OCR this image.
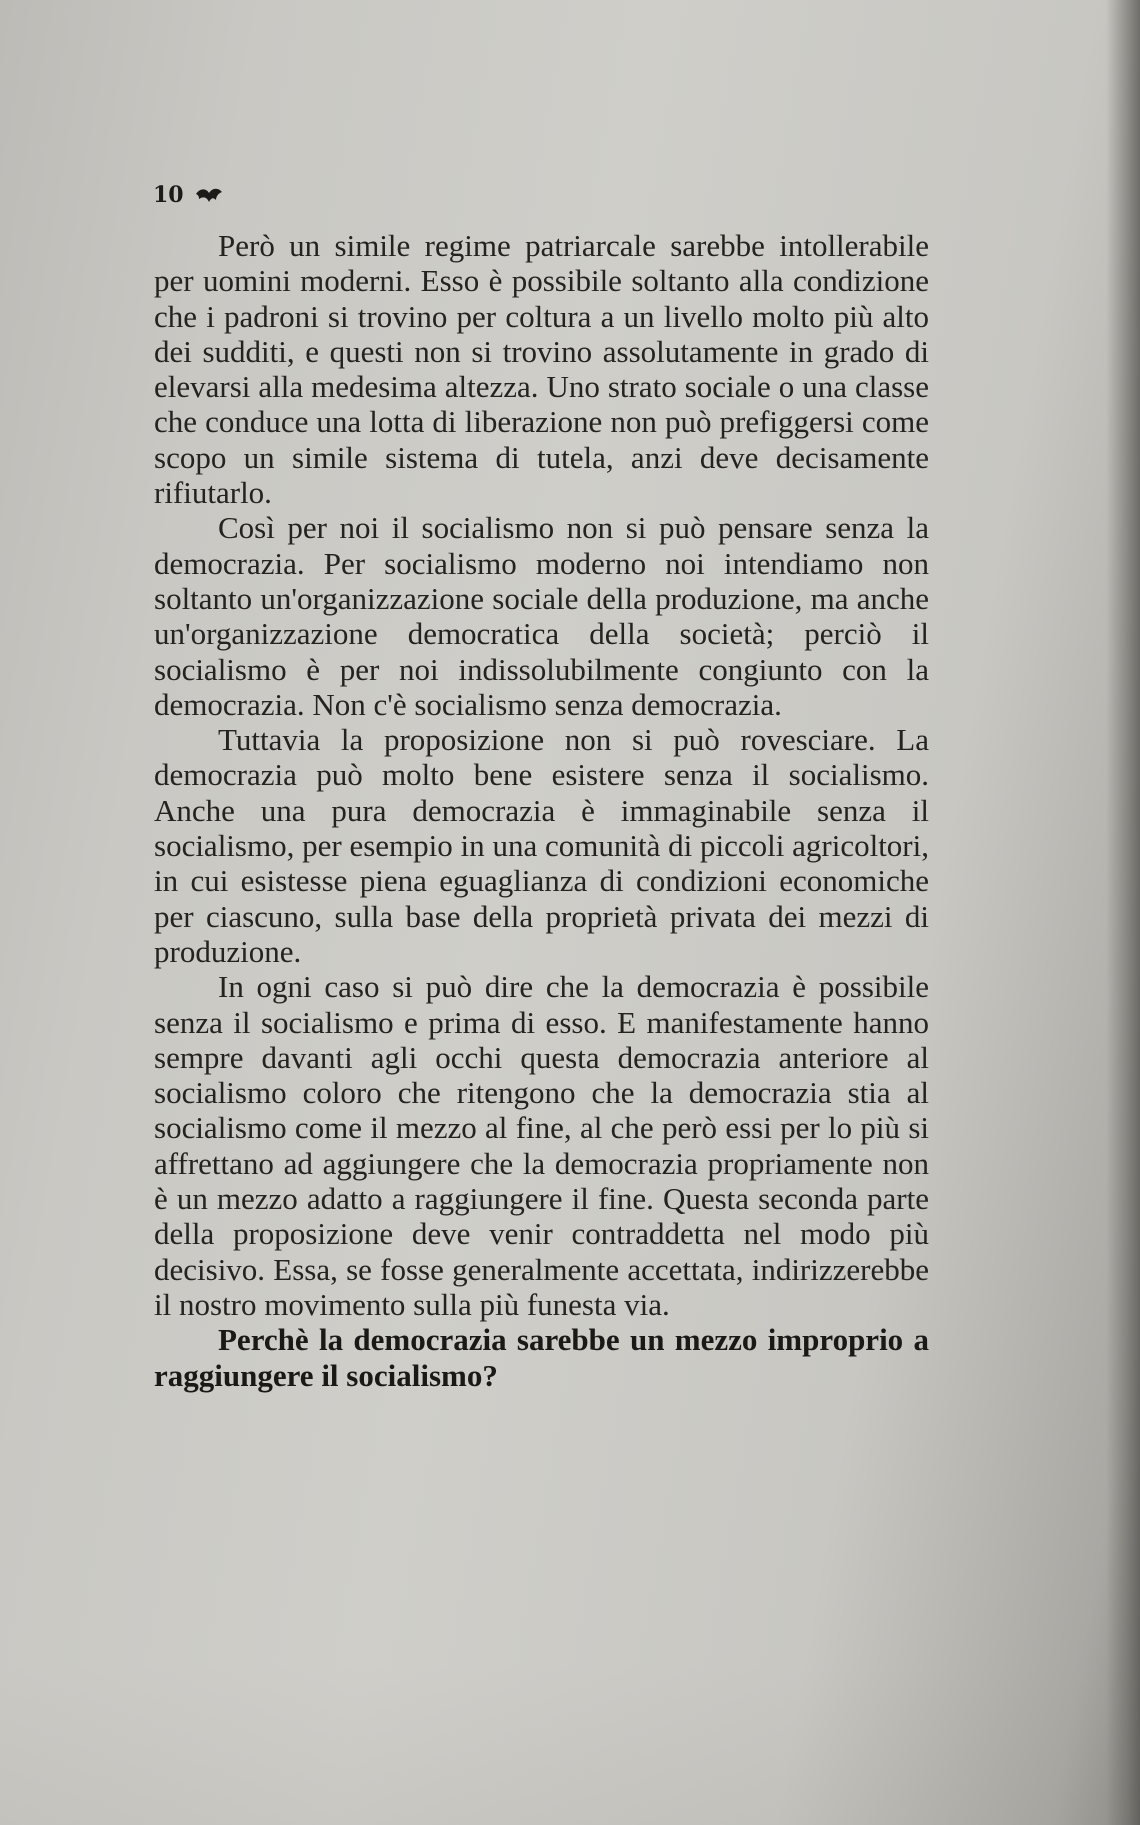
10

Però un simile regime patriarcale sarebbe intollerabile per uomini moderni. Esso è possibile soltanto alla condizione che i padroni si trovino per coltura a un livello molto più alto dei sudditi, e questi non si trovino assolutamente in grado di elevarsi alla medesima altezza. Uno strato sociale o una classe che conduce una lotta di liberazione non può prefiggersi come scopo un simile sistema di tutela, anzi deve decisamente rifiutarlo.

Così per noi il socialismo non si può pensare senza la democrazia. Per socialismo moderno noi intendiamo non soltanto un'organizzazione sociale della produzione, ma anche un'organizzazione democratica della società; perciò il socialismo è per noi indissolubilmente congiunto con la democrazia. Non c'è socialismo senza democrazia.

Tuttavia la proposizione non si può rovesciare. La democrazia può molto bene esistere senza il socialismo. Anche una pura democrazia è immaginabile senza il socialismo, per esempio in una comunità di piccoli agricoltori, in cui esistesse piena eguaglianza di condizioni economiche per ciascuno, sulla base della proprietà privata dei mezzi di produzione.

In ogni caso si può dire che la democrazia è possibile senza il socialismo e prima di esso. E manifestamente hanno sempre davanti agli occhi questa democrazia anteriore al socialismo coloro che ritengono che la democrazia stia al socialismo come il mezzo al fine, al che però essi per lo più si affrettano ad aggiungere che la democrazia propriamente non è un mezzo adatto a raggiungere il fine. Questa seconda parte della proposizione deve venir contraddetta nel modo più decisivo. Essa, se fosse generalmente accettata, indirizzerebbe il nostro movimento sulla più funesta via.

Perchè la democrazia sarebbe un mezzo improprio a raggiungere il socialismo?
